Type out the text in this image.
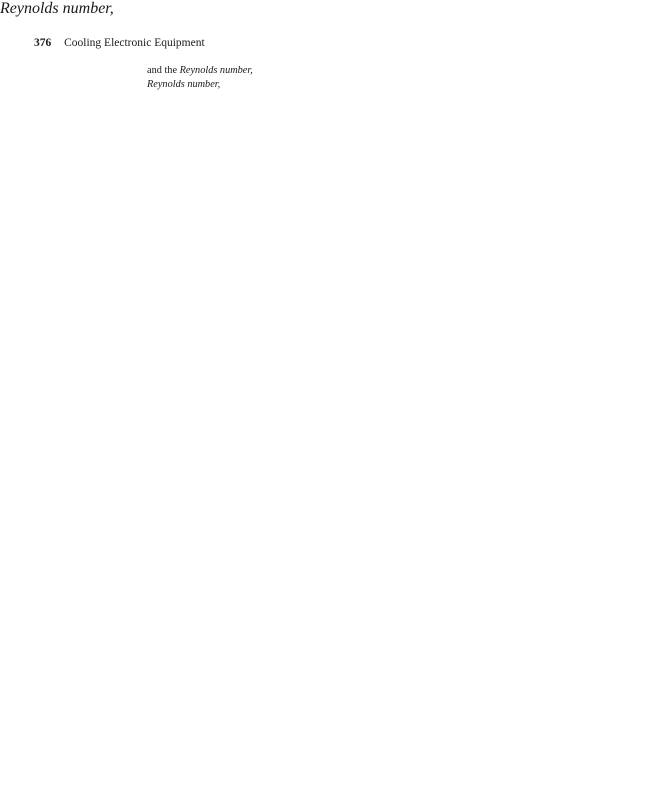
376 Cooling Electronic Equipment

and the Reynolds number,

Reynolds number,
Reynolds number,
